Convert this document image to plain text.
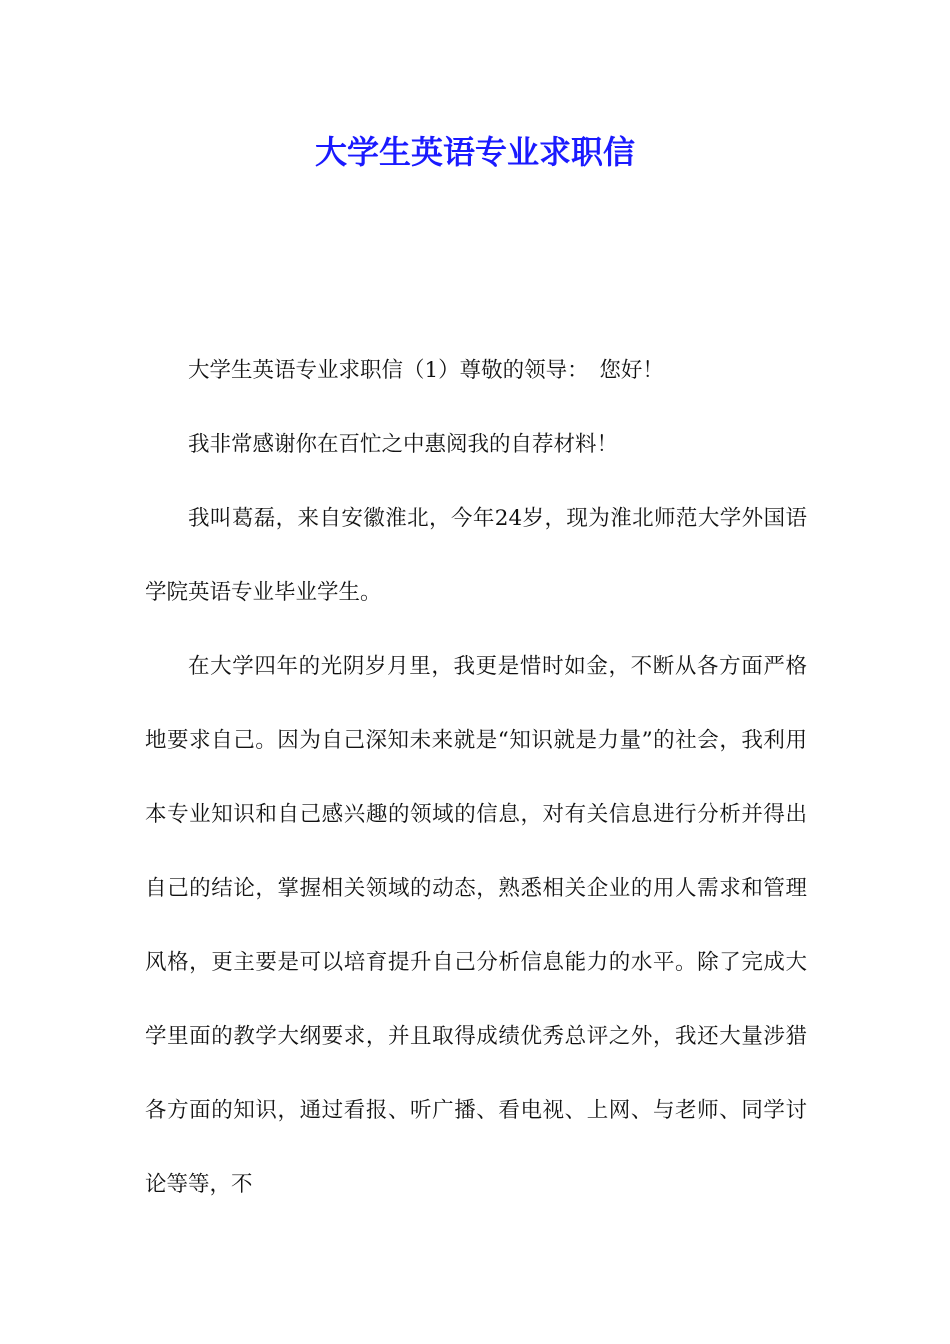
大学生英语专业求职信

大学生英语专业求职信（1）尊敬的领导：　您好！

我非常感谢你在百忙之中惠阅我的自荐材料！

我叫葛磊，来自安徽淮北，今年24岁，现为淮北师范大学外国语学院英语专业毕业学生。

在大学四年的光阴岁月里，我更是惜时如金，不断从各方面严格地要求自己。因为自己深知未来就是“知识就是力量”的社会，我利用本专业知识和自己感兴趣的领域的信息，对有关信息进行分析并得出自己的结论，掌握相关领域的动态，熟悉相关企业的用人需求和管理风格，更主要是可以培育提升自己分析信息能力的水平。除了完成大学里面的教学大纲要求，并且取得成绩优秀总评之外，我还大量涉猎各方面的知识，通过看报、听广播、看电视、上网、与老师、同学讨论等等，不
